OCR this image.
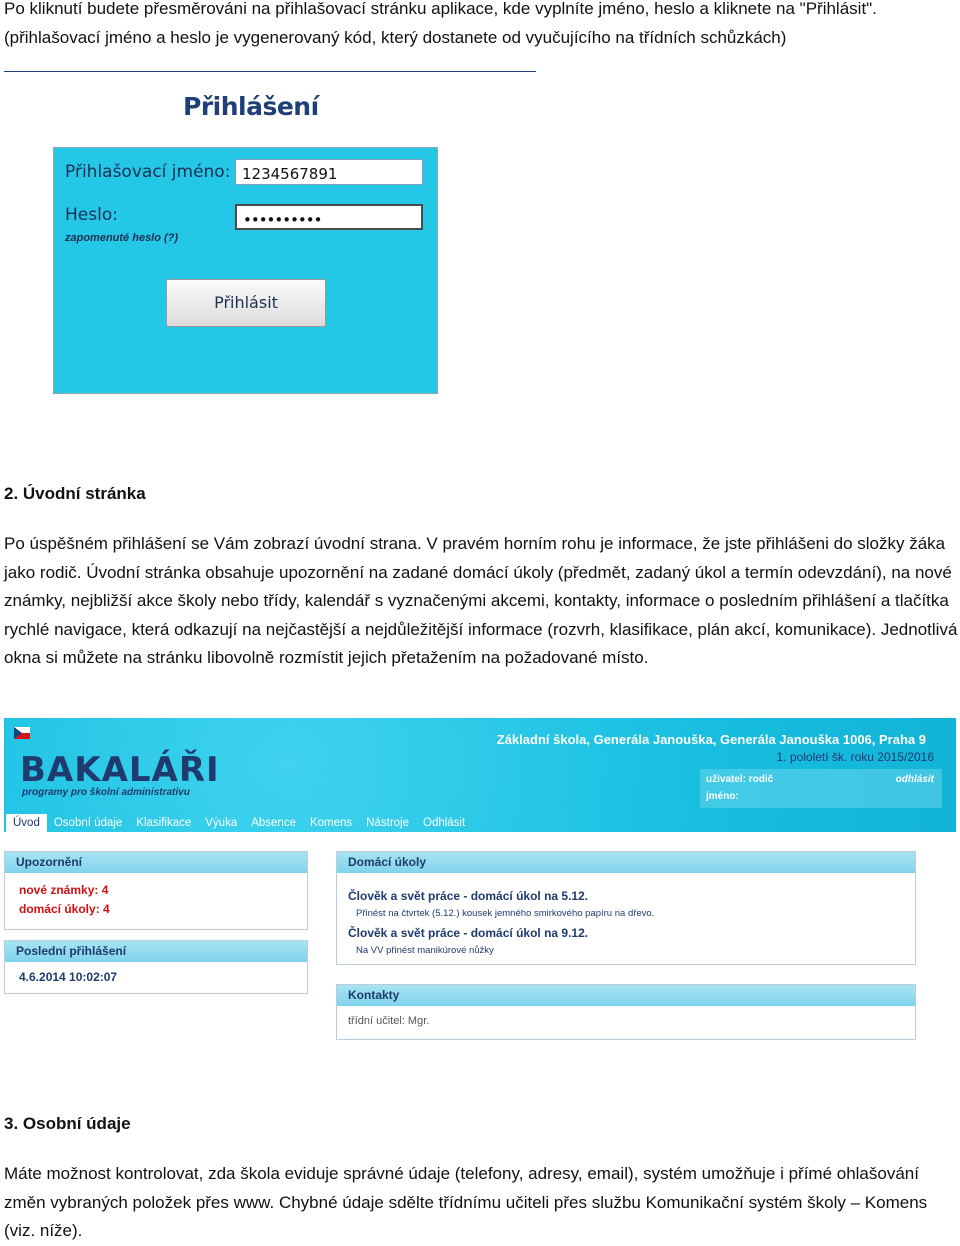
Po kliknutí budete přesměrováni na přihlašovací stránku aplikace, kde vyplníte jméno, heslo a kliknete na "Přihlásit".
(přihlašovací jméno a heslo je vygenerovaný kód, který dostanete od vyučujícího na třídních schůzkách)
Přihlášení
Přihlašovací jméno: 1234567891
Heslo:	••••••••••
zapomenuté heslo (?)
Přihlásit
2. Úvodní stránka
Po úspěšném přihlášení se Vám zobrazí úvodní strana. V pravém horním rohu je informace, že jste přihlášeni do složky žáka jako rodič. Úvodní stránka obsahuje upozornění na zadané domácí úkoly (předmět, zadaný úkol a termín odevzdání), na nové známky, nejbližší akce školy nebo třídy, kalendář s vyznačenými akcemi, kontakty, informace o posledním přihlášení a tlačítka rychlé navigace, která odkazují na nejčastější a nejdůležitější informace (rozvrh, klasifikace, plán akcí, komunikace). Jednotlivá okna si můžete na stránku libovolně rozmístit jejich přetažením na požadované místo.
BAKALÁŘI
programy pro školní administrativu
Základní škola, Generála Janouška, Generála Janouška 1006, Praha 9
1. pololetí šk. roku 2015/2016
uživatel: rodič	odhlásit
jméno:
Úvod	Osobní údaje	Klasifikace	Výuka	Absence	Komens	Nástroje	Odhlásit
Upozornění
nové známky: 4
domácí úkoly: 4
Poslední přihlášení
4.6.2014 10:02:07
Domácí úkoly
Člověk a svět práce - domácí úkol na 5.12.
Přinést na čtvrtek (5.12.) kousek jemného smirkového papíru na dřevo.
Člověk a svět práce - domácí úkol na 9.12.
Na VV přinést manikúrové nůžky
Kontakty
třídní učitel: Mgr.
3. Osobní údaje
Máte možnost kontrolovat, zda škola eviduje správné údaje (telefony, adresy, email), systém umožňuje i přímé ohlašování změn vybraných položek přes www. Chybné údaje sdělte třídnímu učiteli přes službu Komunikační systém školy – Komens (viz. níže).
